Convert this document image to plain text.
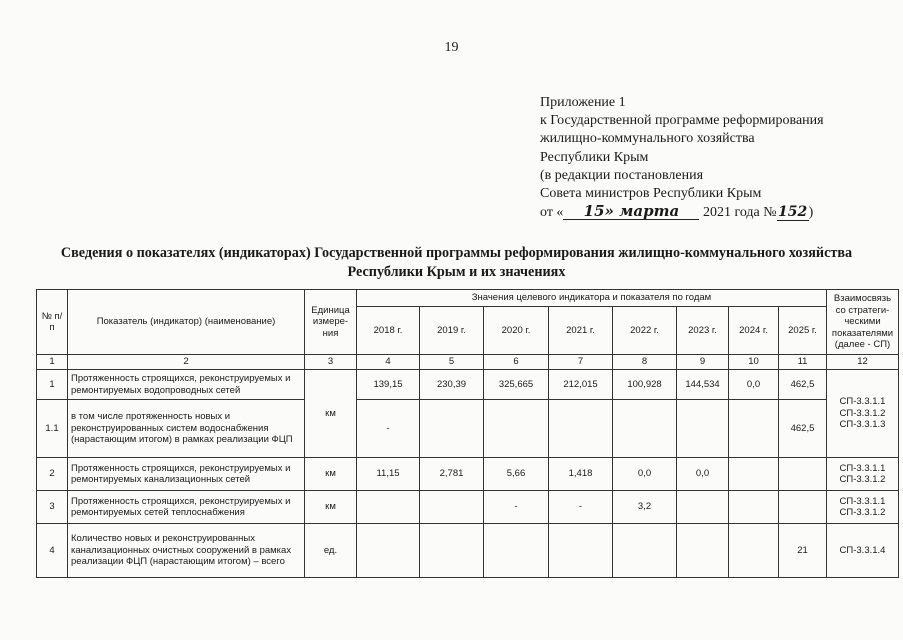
19
Приложение 1
к Государственной программе реформирования
жилищно-коммунального хозяйства
Республики Крым
(в редакции постановления
Совета министров Республики Крым
от « 15» марта 2021 года №152)
Сведения о показателях (индикаторах) Государственной программы реформирования жилищно-коммунального хозяйства Республики Крым и их значениях
№ п/п	Показатель (индикатор) (наименование)	Единица измере-ния	Значения целевого индикатора и показателя по годам								Взаимосвязь со стратеги-ческими показателями (далее - СП)
			2018 г.	2019 г.	2020 г.	2021 г.	2022 г.	2023 г.	2024 г.	2025 г.	
1	2	3	4	5	6	7	8	9	10	11	12
1	Протяженность строящихся, реконструируемых и ремонтируемых водопроводных сетей	км	139,15	230,39	325,665	212,015	100,928	144,534	0,0	462,5	СП-3.3.1.1
СП-3.3.1.2
СП-3.3.1.3
1.1	в том числе протяженность новых и реконструированных систем водоснабжения (нарастающим итогом) в рамках реализации ФЦП		-							462,5	
2	Протяженность строящихся, реконструируемых и ремонтируемых канализационных сетей	км	11,15	2,781	5,66	1,418	0,0	0,0			СП-3.3.1.1
СП-3.3.1.2
3	Протяженность строящихся, реконструируемых и ремонтируемых сетей теплоснабжения	км			-	-	3,2				СП-3.3.1.1
СП-3.3.1.2
4	Количество новых и реконструированных канализационных очистных сооружений в рамках реализации ФЦП (нарастающим итогом) – всего	ед.								21	СП-3.3.1.4
